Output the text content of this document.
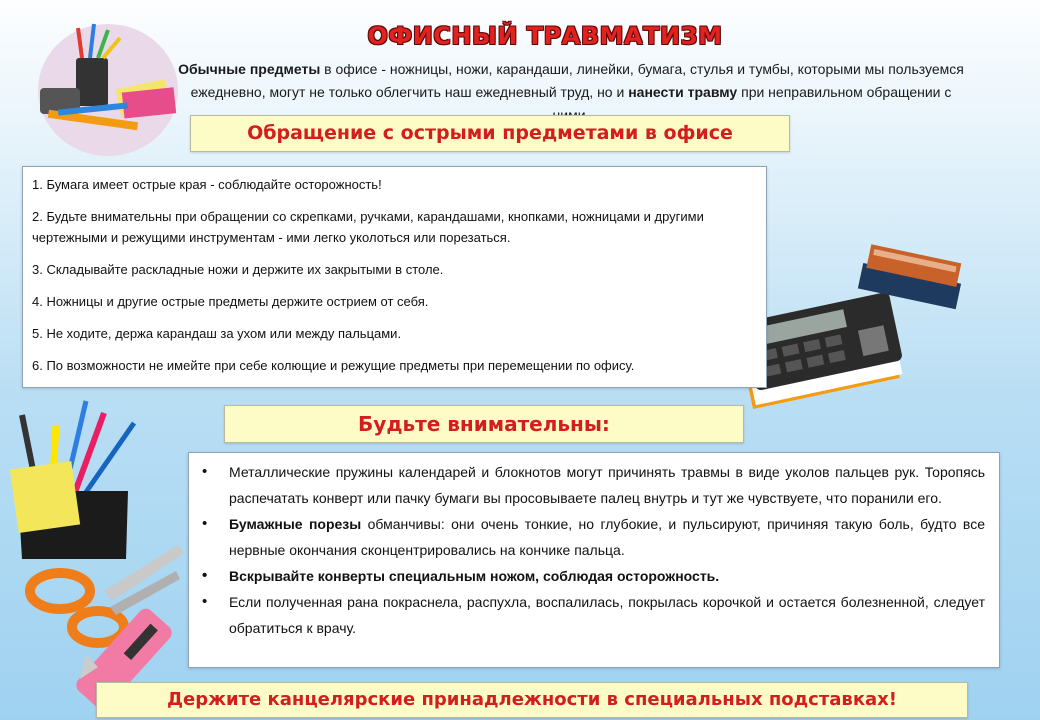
ОФИСНЫЙ ТРАВМАТИЗМ
Обычные предметы в офисе - ножницы, ножи, карандаши, линейки, бумага, стулья и тумбы, которыми мы пользуемся ежедневно, могут не только облегчить наш ежедневный труд, но и нанести травму при неправильном обращении с
Обращение с острыми предметами в офисе

1. Бумага имеет острые края - соблюдайте осторожность!

2. Будьте внимательны при обращении со скрепками, ручками, карандашами, кнопками, ножницами и другими чертежными и режущими инструментам - ими легко уколоться или порезаться.

3. Складывайте раскладные ножи и держите их закрытыми в столе.

4. Ножницы и другие острые предметы держите острием от себя.

5. Не ходите, держа карандаш за ухом или между пальцами.

6. По возможности не имейте при себе колющие и режущие предметы при перемещении по офису.

Будьте внимательны:
• Металлические пружины календарей и блокнотов могут причинять травмы в виде уколов пальцев рук. Торопясь распечатать конверт или пачку бумаги вы просовываете палец внутрь и тут же чувствуете, что поранили его.
• Бумажные порезы обманчивы: они очень тонкие, но глубокие, и пульсируют, причиняя такую боль, будто все нервные окончания сконцентрировались на кончике пальца.
• Вскрывайте конверты специальным ножом, соблюдая осторожность.
• Если полученная рана покраснела, распухла, воспалилась, покрылась корочкой и остается болезненной, следует обратиться к врачу.
Держите канцелярские принадлежности в специальных подставках!
